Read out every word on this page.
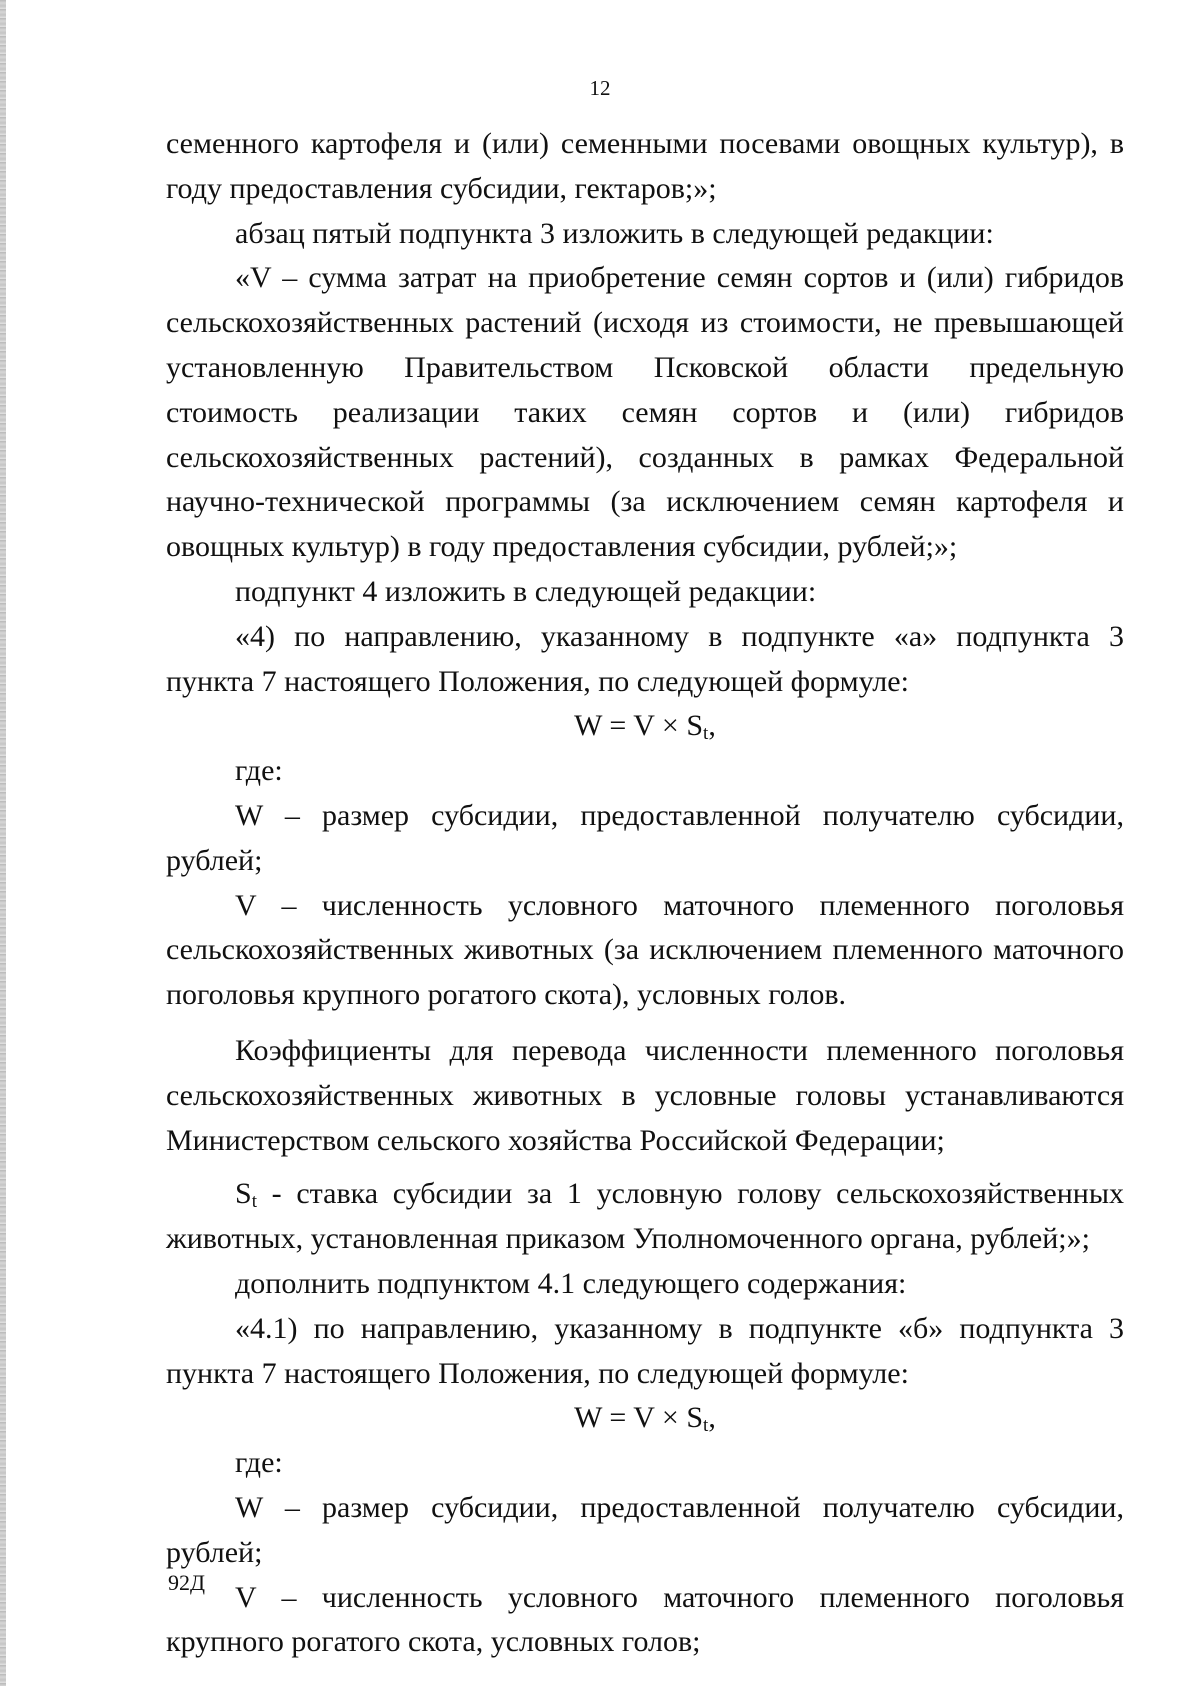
12

семенного картофеля и (или) семенными посевами овощных культур), в году предоставления субсидии, гектаров;»;

абзац пятый подпункта 3 изложить в следующей редакции:

«V – сумма затрат на приобретение семян сортов и (или) гибридов сельскохозяйственных растений (исходя из стоимости, не превышающей установленную Правительством Псковской области предельную стоимость реализации таких семян сортов и (или) гибридов сельскохозяйственных растений), созданных в рамках Федеральной научно-технической программы (за исключением семян картофеля и овощных культур) в году предоставления субсидии, рублей;»;

подпункт 4 изложить в следующей редакции:

«4) по направлению, указанному в подпункте «а» подпункта 3 пункта 7 настоящего Положения, по следующей формуле:

$W = V \times S_t$,

где:

W – размер субсидии, предоставленной получателю субсидии, рублей;

V – численность условного маточного племенного поголовья сельскохозяйственных животных (за исключением племенного маточного поголовья крупного рогатого скота), условных голов.

Коэффициенты для перевода численности племенного поголовья сельскохозяйственных животных в условные головы устанавливаются Министерством сельского хозяйства Российской Федерации;

$S_t$ - ставка субсидии за 1 условную голову сельскохозяйственных животных, установленная приказом Уполномоченного органа, рублей;»;

дополнить подпунктом 4.1 следующего содержания:

«4.1) по направлению, указанному в подпункте «б» подпункта 3 пункта 7 настоящего Положения, по следующей формуле:

$W = V \times S_t$,

где:

W – размер субсидии, предоставленной получателю субсидии, рублей;

V – численность условного маточного племенного поголовья крупного рогатого скота, условных голов;

92Д
